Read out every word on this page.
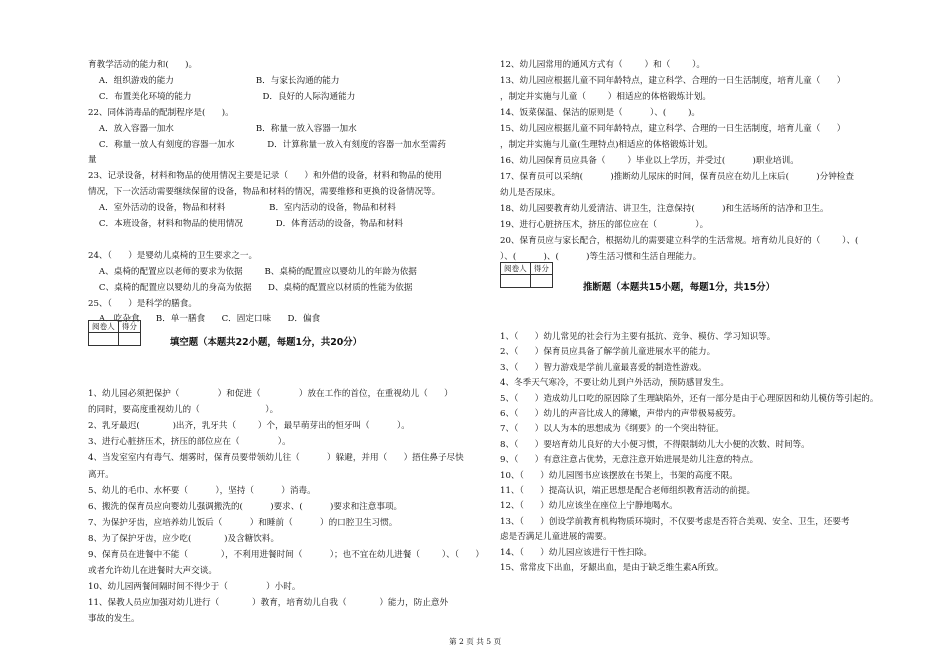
育教学活动的能力和(      )。
A．组织游戏的能力                              B．与家长沟通的能力
C．布置美化环境的能力                          D．良好的人际沟通能力
22、同体消毒品的配制程序是(      )。
A．放入容器一加水                              B．称量一放入容器一加水
C．称量一放人有刻度的容器一加水            D．计算称量一放入有刻度的容器一加水至需药
量
23、记录设备，材料和物品的使用情况主要是记录（      ）和外借的设备，材料和物品的使用
情况，下一次活动需要继续保留的设备，物品和材料的情况，需要维修和更换的设备情况等。
A．室外活动的设备，物品和材料                B．室内活动的设备，物品和材料
C．本班设备，材料和物品的使用情况            D．体育活动的设备，物品和材料
24、（      ）是婴幼儿桌椅的卫生要求之一。
A、桌椅的配置应以老师的要求为依据        B、桌椅的配置应以婴幼儿的年龄为依据
C、桌椅的配置应以婴幼儿的身高为依据      D、桌椅的配置应以材质的性能为依据
25、（      ）是科学的膳食。
A．吃杂食      B．单一膳食      C．固定口味      D．偏食
1、幼儿园必须把保护（              ）和促进（              ）放在工作的首位，在重视幼儿（      ）
的同时，要高度重视幼儿的（                        ）。
2、乳牙最迟(            )出齐，乳牙共（        ）个，最早萌芽出的恒牙叫（          ）。
3、进行心脏挤压术，挤压的部位应在（              ）。
4、当发室室内有毒气、烟雾时，保育员要带领幼儿往（          ）躲避，并用（      ）捂住鼻子尽快
离开。
5、幼儿的毛巾、水杯要（          ），坚持（          ）消毒。
6、搬洗的保育员应向婴幼儿强调搬洗的(          )要求、(          )要求和注意事项。
7、为保护牙齿，应培养幼儿饭后（          ）和睡前（          ）的口腔卫生习惯。
8、为了保护牙齿，应少吃(            )及含糖饮料。
9、保育员在进餐中不能（            ），不利用进餐时间（          ）；也不宜在幼儿进餐（        ）、（      ）
或者允许幼儿在进餐时大声交谈。
10、幼儿园两餐间隔时间不得少于（              ）小时。
11、保教人员应加强对幼儿进行（            ）教育，培育幼儿自我（            ）能力，防止意外
事故的发生。
阅卷人	得分

填空题（本题共22小题，每题1分，共20分）
12、幼儿园常用的通风方式有（        ）和（        ）。
13、幼儿园应根据儿童不同年龄特点，建立科学、合理的一日生活制度，培育儿童（      ）
，制定并实施与儿童（        ）相适应的体格锻炼计划。
14、饭菜保温、保洁的原则是（          ）、(        )。
15、幼儿园应根据儿童不同年龄特点，建立科学、合理的一日生活制度，培育儿童（      ）
，制定并实施与儿童(生理特点)相适应的体格锻炼计划。
16、幼儿园保育员应具备（        ）毕业以上学历，并受过(          )职业培训。
17、保育员可以采纳(          )推断幼儿尿床的时间，保育员应在幼儿上床后(          )分钟检查
幼儿是否尿床。
18、幼儿园要教育幼儿爱清洁、讲卫生，注意保持(          )和生活场所的洁净和卫生。
19、进行心脏挤压术，挤压的部位应在（              ）。
20、保育员应与家长配合，根据幼儿的需要建立科学的生活常规。培育幼儿良好的（        ）、(
）、(          )、(          )等生活习惯和生活自理能力。
1、（      ）幼儿常见的社会行为主要有抵抗、竞争、模仿、学习知识等。
2、（      ）保育员应具备了解学前儿童进展水平的能力。
3、（      ）智力游戏是学前儿童最喜爱的制造性游戏。
4、冬季天气寒冷，不要让幼儿到户外活动，预防感冒发生。
5、（      ）造成幼儿口吃的原因除了生理缺陷外，还有一部分是由于心理原因和幼儿模仿等引起的。
6、（      ）幼儿的声音比成人的薄嫩，声带内的声带极易疲劳。
7、（      ）以人为本的思想成为《纲要》的一个突出特征。
8、（      ）要培育幼儿良好的大小便习惯，不得限制幼儿大小便的次数、时间等。
9、（      ）有意注意占优势，无意注意开始进展是幼儿注意的特点。
10、（      ）幼儿园图书应该摆放在书架上，书架的高度不限。
11、（      ）提高认识，端正思想是配合老师组织教育活动的前提。
12、（      ）幼儿应该坐在座位上宁静地喝水。
13、（      ）创设学前教育机构物质环境时，不仅要考虑是否符合美观、安全、卫生，还要考
虑是否满足儿童进展的需要。
14、（      ）幼儿园应该进行干性扫除。
15、常常皮下出血，牙龈出血，是由于缺乏维生素A所致。
阅卷人	得分

推断题（本题共15小题，每题1分，共15分）
第 2 页 共 5 页
